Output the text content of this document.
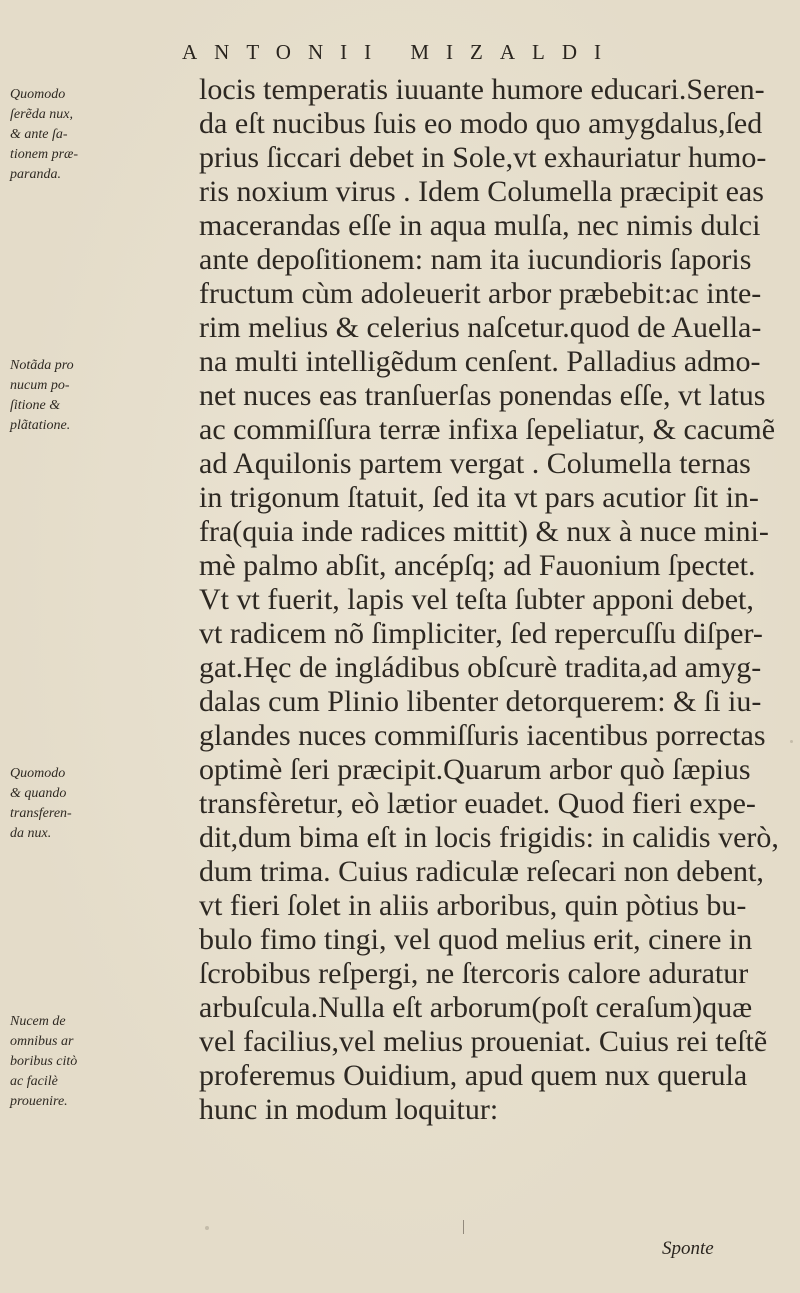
ANTONII MIZALDI
locis temperatis iuuante humore educari.Seren-
da eſt nucibus ſuis eo modo quo amygdalus,ſed
prius ſiccari debet in Sole,vt exhauriatur humo-
ris noxium virus . Idem Columella præcipit eas
macerandas eſſe in aqua mulſa, nec nimis dulci
ante depoſitionem: nam ita iucundioris ſaporis
fructum cùm adoleuerit arbor præbebit:ac inte-
rim melius & celerius naſcetur.quod de Auella-
na multi intelligẽdum cenſent. Palladius admo-
net nuces eas tranſuerſas ponendas eſſe, vt latus
ac commiſſura terræ infixa ſepeliatur, & cacumẽ
ad Aquilonis partem vergat . Columella ternas
in trigonum ſtatuit, ſed ita vt pars acutior ſit in-
fra(quia inde radices mittit) & nux à nuce mini-
mè palmo abſit, ancépſq; ad Fauonium ſpectet.
Vt vt fuerit, lapis vel teſta ſubter apponi debet,
vt radicem nõ ſimpliciter, ſed repercuſſu diſper-
gat.Hęc de ingládibus obſcurè tradita,ad amyg-
dalas cum Plinio libenter detorquerem: & ſi iu-
glandes nuces commiſſuris iacentibus porrectas
optimè ſeri præcipit.Quarum arbor quò ſæpius
transfèretur, eò lætior euadet. Quod fieri expe-
dit,dum bima eſt in locis frigidis: in calidis verò,
dum trima. Cuius radiculæ reſecari non debent,
vt fieri ſolet in aliis arboribus, quin pòtius bu-
bulo fimo tingi, vel quod melius erit, cinere in
ſcrobibus reſpergi, ne ſtercoris calore aduratur
arbuſcula.Nulla eſt arborum(poſt ceraſum)quæ
vel facilius,vel melius proueniat. Cuius rei teſtẽ
proferemus Ouidium, apud quem nux querula
hunc in modum loquitur:
Quomodo
ſerẽda nux,
& ante ſa-
tionem præ-
paranda.
Notãda pro
nucum po-
ſitione &
plãtatione.
Quomodo
& quando
transferen-
da nux.
Nucem de
omnibus ar
boribus citò
ac facilè
prouenire.
Sponte
